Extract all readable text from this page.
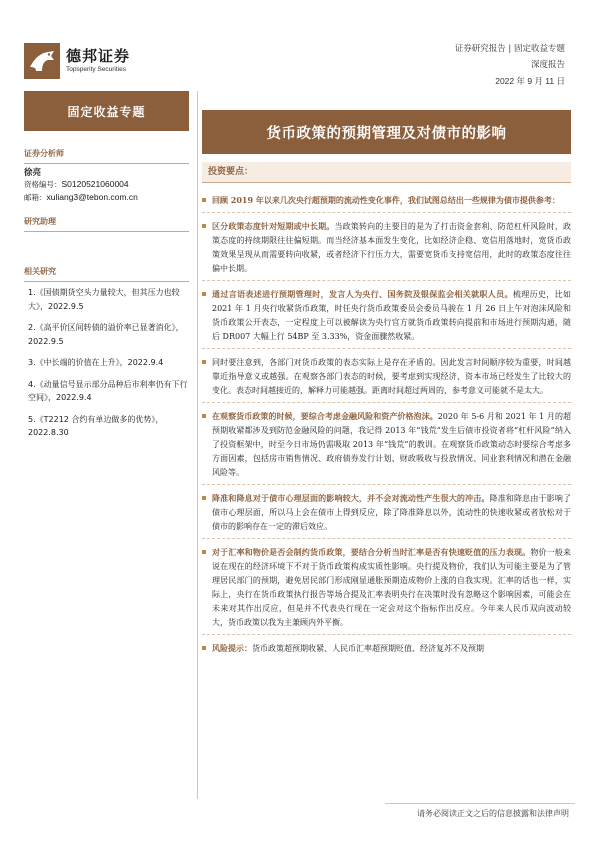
德邦证券
Topsperity Securities
证券研究报告 | 固定收益专题
深度报告
2022 年 9 月 11 日
固定收益专题
证券分析师
徐亮
资格编号：S0120521060004
邮箱：xuliang3@tebon.com.cn
研究助理
相关研究
1.《国债期货空头力量较大，但其压力也较大》，2022.9.5
2.《高平价区间转债的溢价率已显著消化》，2022.9.5
3.《中长端的价值在上升》，2022.9.4
4.《动量信号显示部分品种后市利率仍有下行空间》，2022.9.4
5.《T2212 合约有单边做多的优势》，2022.8.30
货币政策的预期管理及对债市的影响
投资要点：
回顾 2019 年以来几次央行超预期的流动性变化事件，我们试图总结出一些规律为债市提供参考：
区分政策态度针对短期或中长期。当政策转向的主要目的是为了打击资金套利、防范杠杆风险时，政策态度的持续期限往往偏短期。而当经济基本面发生变化，比如经济企稳、宽信用落地时，宽货币政策效果呈现从而需要转向收紧，或者经济下行压力大，需要宽货币支持宽信用，此时的政策态度往往偏中长期。
通过言语表述进行预期管理时，发言人为央行、国务院及银保监会相关就职人员。梳理历史，比如 2021 年 1 月央行收紧货币政策，时任央行货币政策委员会委员马骏在 1 月 26 日上午对泡沫风险和货币政策公开表态，一定程度上可以被解读为央行官方就货币政策转向提前和市场进行预期沟通，随后 DR007 大幅上行 54BP 至 3.33%，资金面骤然收紧。
同时要注意到，各部门对货币政策的表态实际上是存在矛盾的。因此发言时间顺序较为重要，时间越靠近指导意义或越强。在观察各部门表态的时候，要考虑到实现经济、资本市场已经发生了比较大的变化。表态时间越接近的，解释力可能越强。距离时间超过两周的，参考意义可能就不是太大。
在观察货币政策的时候，要综合考虑金融风险和资产价格泡沫。2020 年 5-6 月和 2021 年 1 月的超预期收紧都涉及到防范金融风险的问题，我记得 2013 年“钱荒”发生后债市投资者将“杠杆风险”纳入了投资框架中，时至今日市场仍需吸取 2013 年“钱荒”的教训。在观察货币政策动态时要综合考虑多方面因素，包括房市销售情况、政府债券发行计划、财政吸收与投放情况、同业套利情况和潜在金融风险等。
降准和降息对于债市心理层面的影响较大，并不会对流动性产生很大的冲击。降准和降息由于影响了债市心理层面，所以马上会在债市上得到反应，除了降准降息以外，流动性的快速收紧或者放松对于债市的影响存在一定的滞后效应。
对于汇率和物价是否会制约货币政策，要结合分析当时汇率是否有快速贬值的压力表现。物价一般来说在现在的经济环境下不对于货币政策构成实质性影响。央行提及物价，我们认为可能主要是为了管理居民部门的预期，避免居民部门形成刚显通胀预期造成物价上涨的自我实现。汇率的话也一样，实际上，央行在货币政策执行报告等场合提及汇率表明央行在决策时没有忽略这个影响因素，可能会在未来对其作出反应，但是并不代表央行现在一定会对这个指标作出反应。今年来人民币双向波动较大，货币政策以我为主兼顾内外平衡。
风险提示：货币政策超预期收紧、人民币汇率超预期贬值、经济复苏不及预期
请务必阅读正文之后的信息披露和法律声明
